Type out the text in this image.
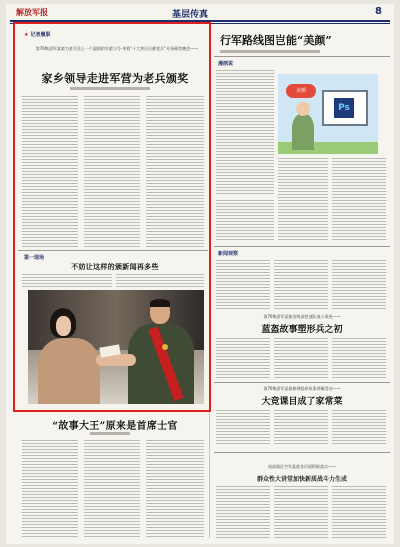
解放军报	基层传真	8
★ 记者履职
第76集团军某旅为老兵送上一个温情的军旅与号·身着“十大突出贡献老兵”专场颁奖晚会——
家乡领导走进军营为老兵颁奖
第一现场
不妨让这样的颁新闻再多些
“故事大王”原来是首席士官
行军路线图岂能“美颜”
漫画说
美颜
Ps
新闻观察
第76集团军某旅各级深挖部队战斗事迹——
蓝盔故事塑形兵之初
第76集团军某旅修缮组织故事讲解活动——
大竞课目成了家常菜
南部战区空军某旅各层面积极落实——
群众性大讲堂加快新质战斗力生成
